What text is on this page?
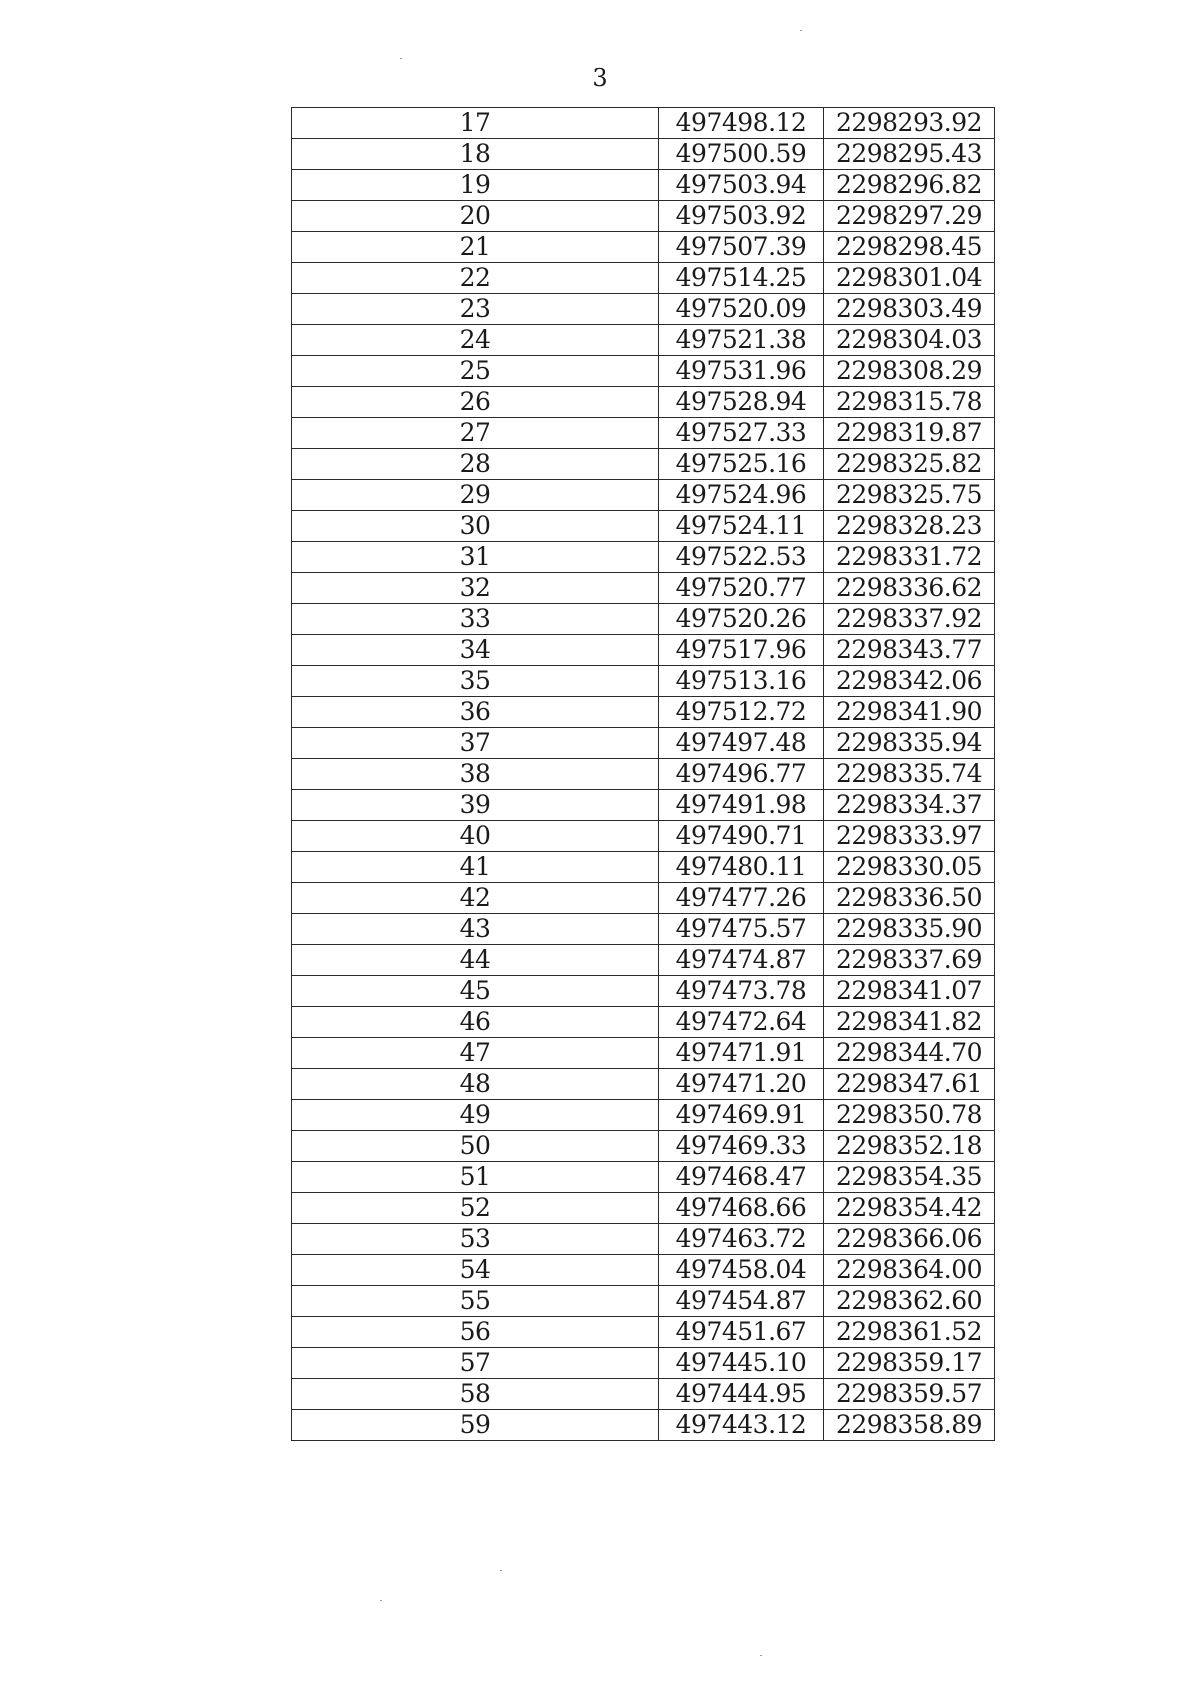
3
17	497498.12	2298293.92
18	497500.59	2298295.43
19	497503.94	2298296.82
20	497503.92	2298297.29
21	497507.39	2298298.45
22	497514.25	2298301.04
23	497520.09	2298303.49
24	497521.38	2298304.03
25	497531.96	2298308.29
26	497528.94	2298315.78
27	497527.33	2298319.87
28	497525.16	2298325.82
29	497524.96	2298325.75
30	497524.11	2298328.23
31	497522.53	2298331.72
32	497520.77	2298336.62
33	497520.26	2298337.92
34	497517.96	2298343.77
35	497513.16	2298342.06
36	497512.72	2298341.90
37	497497.48	2298335.94
38	497496.77	2298335.74
39	497491.98	2298334.37
40	497490.71	2298333.97
41	497480.11	2298330.05
42	497477.26	2298336.50
43	497475.57	2298335.90
44	497474.87	2298337.69
45	497473.78	2298341.07
46	497472.64	2298341.82
47	497471.91	2298344.70
48	497471.20	2298347.61
49	497469.91	2298350.78
50	497469.33	2298352.18
51	497468.47	2298354.35
52	497468.66	2298354.42
53	497463.72	2298366.06
54	497458.04	2298364.00
55	497454.87	2298362.60
56	497451.67	2298361.52
57	497445.10	2298359.17
58	497444.95	2298359.57
59	497443.12	2298358.89
